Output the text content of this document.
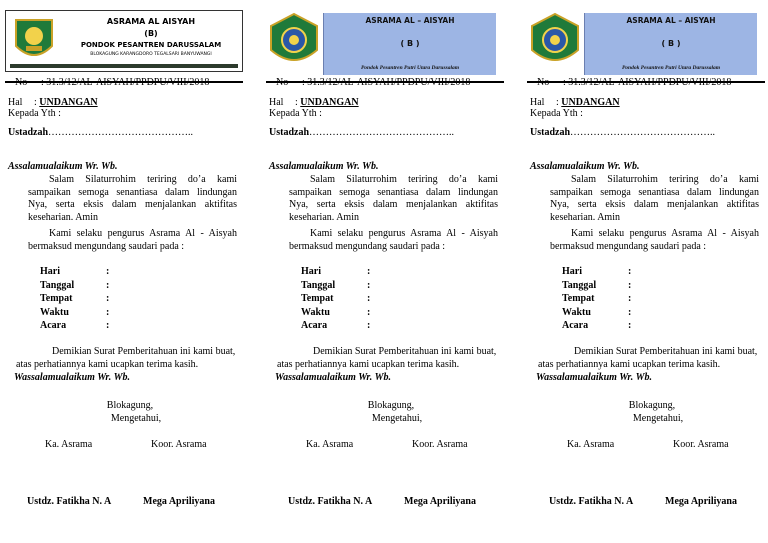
ASRAMA AL AISYAH
(B)
PONDOK PESANTREN DARUSSALAM
BLOKAGUNG KARANGDORO TEGALSARI BANYUWANGI
No : 31.3/12/AL-AISYAH/PPDPU/VIII/2018
Hal : UNDANGAN
Kepada Yth :
Ustadzah……………………………………..
Assalamualaikum Wr. Wb.
Salam Silaturrohim teriring do’a kami sampaikan semoga senantiasa dalam lindungan Nya, serta eksis dalam menjalankan aktifitas keseharian. Amin
Kami selaku pengurus Asrama Al - Aisyah bermaksud mengundang saudari pada :
Hari	:
Tanggal	:
Tempat	:
Waktu	:
Acara	:
Demikian Surat Pemberitahuan ini kami buat,
atas perhatiannya kami ucapkan terima kasih.
Wassalamualaikum Wr. Wb.
Blokagung,
Mengetahui,
Ka. Asrama	Koor. Asrama
Ustdz. Fatikha N. A	Mega Apriliyana
ASRAMA AL – AISYAH
( B )
Pondok Pesantren Putri Utara Darussalam
No : 31.3/12/AL-AISYAH/PPDPU/VIII/2018
Hal : UNDANGAN
Kepada Yth :
Ustadzah……………………………………..
Assalamualaikum Wr. Wb.
Salam Silaturrohim teriring do’a kami sampaikan semoga senantiasa dalam lindungan Nya, serta eksis dalam menjalankan aktifitas keseharian. Amin
Kami selaku pengurus Asrama Al - Aisyah bermaksud mengundang saudari pada :
Hari	:
Tanggal	:
Tempat	:
Waktu	:
Acara	:
Demikian Surat Pemberitahuan ini kami buat,
atas perhatiannya kami ucapkan terima kasih.
Wassalamualaikum Wr. Wb.
Blokagung,
Mengetahui,
Ka. Asrama	Koor. Asrama
Ustdz. Fatikha N. A	Mega Apriliyana
ASRAMA AL – AISYAH
( B )
Pondok Pesantren Putri Utara Darussalam
No : 31.3/12/AL-AISYAH/PPDPU/VIII/2018
Hal : UNDANGAN
Kepada Yth :
Ustadzah……………………………………..
Assalamualaikum Wr. Wb.
Salam Silaturrohim teriring do’a kami sampaikan semoga senantiasa dalam lindungan Nya, serta eksis dalam menjalankan aktifitas keseharian. Amin
Kami selaku pengurus Asrama Al - Aisyah bermaksud mengundang saudari pada :
Hari	:
Tanggal	:
Tempat	:
Waktu	:
Acara	:
Demikian Surat Pemberitahuan ini kami buat,
atas perhatiannya kami ucapkan terima kasih.
Wassalamualaikum Wr. Wb.
Blokagung,
Mengetahui,
Ka. Asrama	Koor. Asrama
Ustdz. Fatikha N. A	Mega Apriliyana
